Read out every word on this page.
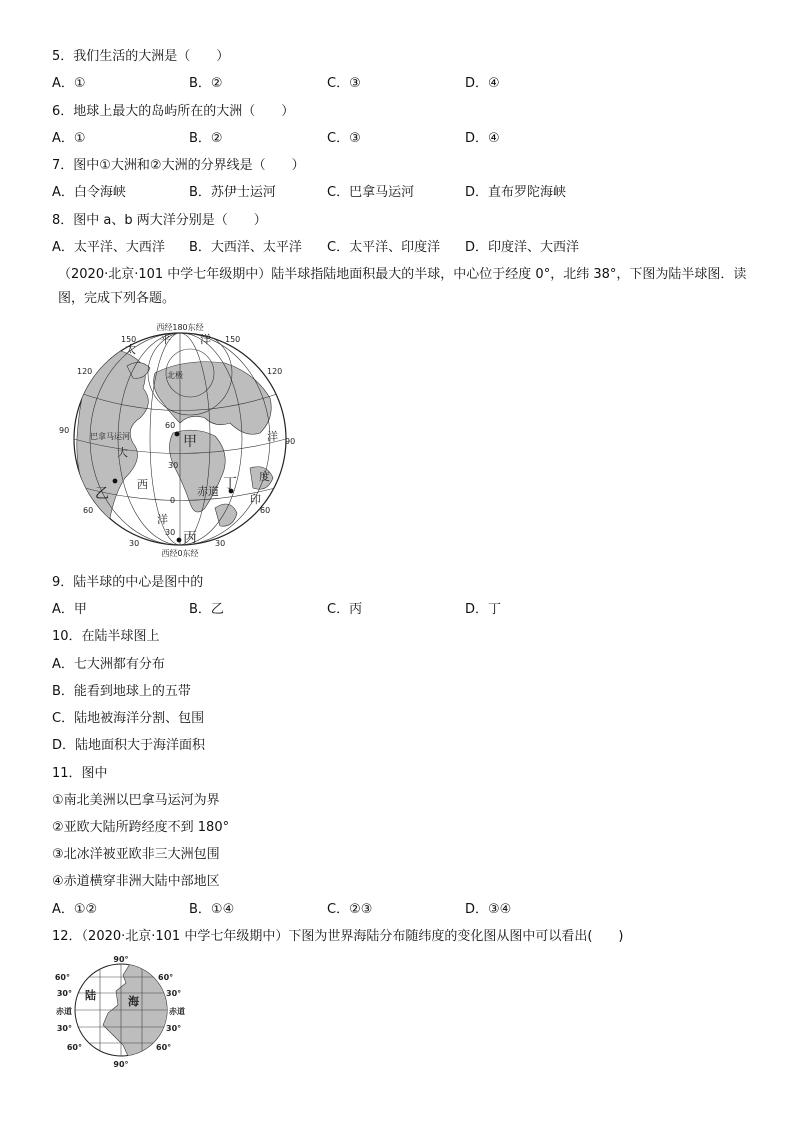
5．我们生活的大洲是（　　）
A．①	B．②	C．③	D．④
6．地球上最大的岛屿所在的大洲（　　）
A．①	B．②	C．③	D．④
7．图中①大洲和②大洲的分界线是（　　）
A．白令海峡	B．苏伊士运河	C．巴拿马运河	D．直布罗陀海峡
8．图中 a、b 两大洋分别是（　　）
A．太平洋、大西洋 B．大西洋、太平洋 C．太平洋、印度洋 D．印度洋、大西洋
（2020·北京·101 中学七年级期中）陆半球指陆地面积最大的半球，中心位于经度 0°，北纬 38°，下图为陆半球图．读图，完成下列各题。
西经180东经
西经0东经
150
120
90
60
30
150
120
90
60
30
60
30
0
30
北极
巴拿马运河
赤道
太
平	洋
大
西
洋
洋
度
印
甲
乙
丙
丁
9．陆半球的中心是图中的
A．甲	B．乙	C．丙	D．丁
10．在陆半球图上
A．七大洲都有分布
B．能看到地球上的五带
C．陆地被海洋分割、包围
D．陆地面积大于海洋面积
11．图中
①南北美洲以巴拿马运河为界
②亚欧大陆所跨经度不到 180°
③北冰洋被亚欧非三大洲包围
④赤道横穿非洲大陆中部地区
A．①②	B．①④	C．②③	D．③④
12．（2020·北京·101 中学七年级期中）下图为世界海陆分布随纬度的变化图从图中可以看出(　　)
90°
90°
60°
30°
赤道
30°
60°
60°
30°
赤道
30°
60°
陆	海
